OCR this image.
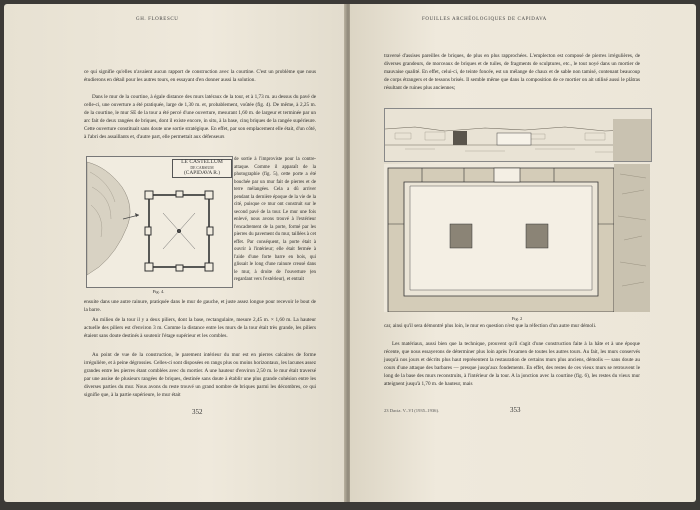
GH. FLORESCU

ce qui signifie qu'elles n'avaient aucun rapport de construction avec la courtine. C'est un problème que nous étudierons en détail pour les autres tours, en essayant d'en donner aussi la solution.

Dans le mur de la courtine, à égale distance des murs latéraux de la tour, et à 1,73 m. au dessus du pavé de celle-ci, une ouverture a été pratiquée, large de 1,30 m. et, probablement, voûtée (fig. 4). De même, à 2,25 m. de la courtine, le mur SE de la tour a été percé d'une ouverture, mesurant 1,60 m. de largeur et terminée par un arc fait de deux rangées de briques, dont il existe encore, in situ, à la base, cinq briques de la rangée supérieure. Cette ouverture constituait sans doute une sortie stratégique. En effet, par son emplacement elle était, d'un côté, à l'abri des assaillants et, d'autre part, elle permettait aux défenseurs

LE CASTELLUM
DE CARSIUM
(CAPIDAVA R.)
Fig. 4.

de sortie à l'improviste pour la contre-attaque. Comme il apparaît de la photographie (fig. 5), cette porte a été bouchée par un mur fait de pierres et de terre mélangées. Cela a dû arriver pendant la dernière époque de la vie de la cité, puisque ce mur ont construit sur le second pavé de la tour. Le mur une fois enlevé, nous avons trouvé à l'extérieur l'encadrement de la porte, formé par les pierres du pavement du mur, taillées à cet effet. Par conséquent, la porte était à ouvrir à l'intérieur; elle était fermée à l'aide d'une forte barre en bois, qui glissait le long d'une rainure creusé dans le mur, à droite de l'ouverture (en regardant vers l'extérieur), et entrait

ensuite dans une autre rainure, pratiquée dans le mur de gauche, et juste assez longue pour recevoir le bout de la barre.

Au milieu de la tour il y a deux piliers, dont la base, rectangulaire, mesure 2,45 m. × 1,60 m. La hauteur actuelle des piliers est d'environ 3 m. Comme la distance entre les murs de la tour était très grande, les piliers étaient sans doute destinés à soutenir l'étage supérieur et les combles.

Au point de vue de la construction, le parement intérieur du mur est en pierres calcaires de forme irrégulière, et à peine dégrossies. Celles-ci sont disposées en rangs plus ou moins horizontaux, les lacunes assez grandes entre les pierres étant comblées avec du mortier. A une hauteur d'environ 2,50 m. le mur était traversé par une assise de plusieurs rangées de briques, destinée sans doute à établir une plus grande cohésion entre les diverses parties du mur. Nous avons du reste trouvé un grand nombre de briques parmi les décombres, ce qui signifie que, à la partie supérieure, le mur était

352
FOUILLES ARCHÉOLOGIQUES DE CAPIDAVA

traversé d'assises pareilles de briques, de plus en plus rapprochées. L'emplecton est composé de pierres irrégulières, de diverses grandeurs, de morceaux de briques et de tuiles, de fragments de sculptures, etc., le tout noyé dans un mortier de mauvaise qualité. En effet, celui-ci, de teinte foncée, est un mélange de chaux et de sable non tamisé, contenant beaucoup de corps étrangers et de tessons brisés. Il semble même que dans la composition de ce mortier on ait utilisé aussi le plâtras résultant de ruines plus anciennes;

Fig. 2

car, ainsi qu'il sera démontré plus loin, le mur en question n'est que la réfection d'un autre mur démoli.

Les matériaux, aussi bien que la technique, prouvent qu'il s'agit d'une construction faite à la hâte et à une époque récente, que nous essayerons de déterminer plus loin après l'examen de toutes les autres tours. Au fait, les murs conservés jusqu'à nos jours et décrits plus haut représentent la restauration de certains murs plus anciens, démolis — sans doute au cours d'une attaque des barbares — presque jusqu'aux fondements. En effet, des restes de ces vieux murs se retrouvent le long de la base des murs reconstruits, à l'intérieur de la tour. A la jonction avec la courtine (fig. 6), les restes du vieux mur atteignent jusqu'à 1,70 m. de hauteur, mais

23 Dacia. V–VI (1935–1936).	353
